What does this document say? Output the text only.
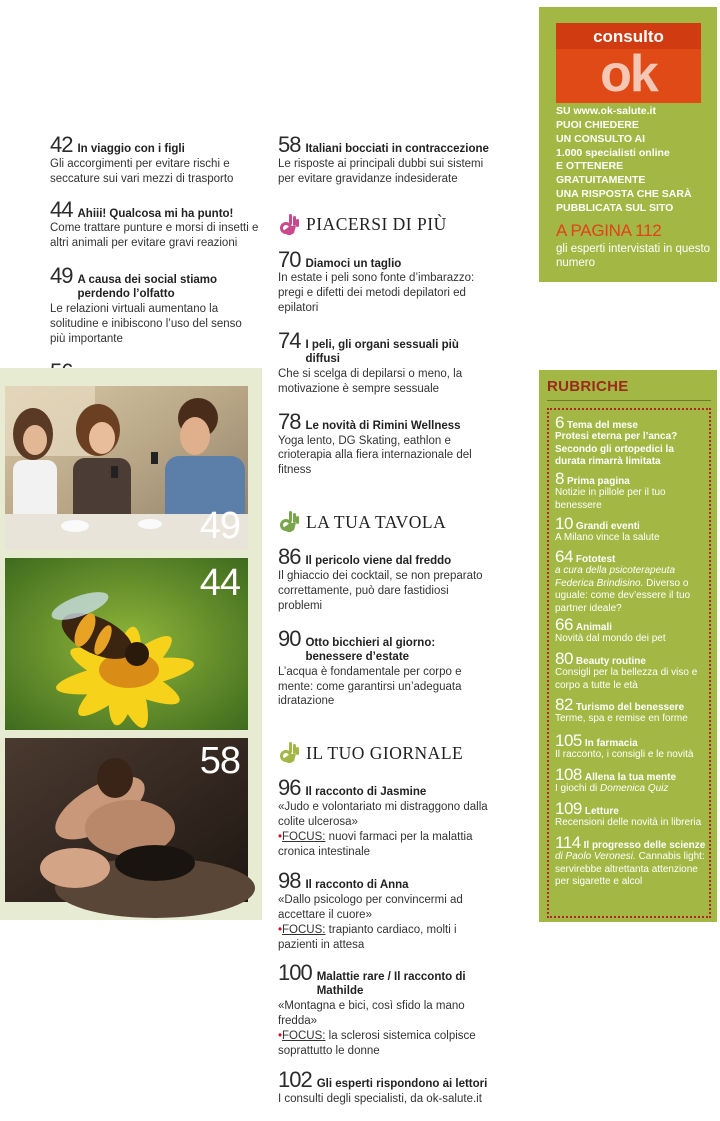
42 In viaggio con i figli
Gli accorgimenti per evitare rischi e seccature sui vari mezzi di trasporto
44 Ahiii! Qualcosa mi ha punto!
Come trattare punture e morsi di insetti e altri animali per evitare gravi reazioni
49 A causa dei social stiamo perdendo l’olfatto
Le relazioni virtuali aumentano la solitudine e inibiscono l’uso del senso più importante
58 Italiani bocciati in contraccezione
Le risposte ai principali dubbi sui sistemi per evitare gravidanze indesiderate
PIACERSI DI PIÙ
70 Diamoci un taglio
In estate i peli sono fonte d’imbarazzo: pregi e difetti dei metodi depilatori ed epilatori
74 I peli, gli organi sessuali più diffusi
Che si scelga di depilarsi o meno, la motivazione è sempre sessuale
78 Le novità di Rimini Wellness
Yoga lento, DG Skating, eathlon e crioterapia alla fiera internazionale del fitness
LA TUA TAVOLA
86 Il pericolo viene dal freddo
Il ghiaccio dei cocktail, se non preparato correttamente, può dare fastidiosi problemi
90 Otto bicchieri al giorno: benessere d’estate
L’acqua è fondamentale per corpo e mente: come garantirsi un’adeguata idratazione
IL TUO GIORNALE
96 Il racconto di Jasmine
«Judo e volontariato mi distraggono dalla colite ulcerosa»
•FOCUS: nuovi farmaci per la malattia cronica intestinale
98 Il racconto di Anna
«Dallo psicologo per convincermi ad accettare il cuore»
•FOCUS: trapianto cardiaco, molti i pazienti in attesa
100 Malattie rare / Il racconto di Mathilde
«Montagna e bici, così sfido la mano fredda»
•FOCUS: la sclerosi sistemica colpisce soprattutto le donne
102 Gli esperti rispondono ai lettori
I consulti degli specialisti, da ok-salute.it
49
44
58
consulto
ok
SU www.ok-salute.it
PUOI CHIEDERE
UN CONSULTO AI
1.000 specialisti online
E OTTENERE GRATUITAMENTE
UNA RISPOSTA CHE SARÀ
PUBBLICATA SUL SITO
A PAGINA 112
gli esperti intervistati in questo numero
RUBRICHE
6 Tema del mese
Protesi eterna per l’anca? Secondo gli ortopedici la durata rimarrà limitata
8 Prima pagina
Notizie in pillole per il tuo benessere
10 Grandi eventi
A Milano vince la salute
64 Fototest
a cura della psicoterapeuta Federica Brindisino. Diverso o uguale: come dev’essere il tuo partner ideale?
66 Animali
Novità dal mondo dei pet
80 Beauty routine
Consigli per la bellezza di viso e corpo a tutte le età
82 Turismo del benessere
Terme, spa e remise en forme
105 In farmacia
Il racconto, i consigli e le novità
108 Allena la tua mente
I giochi di Domenica Quiz
109 Letture
Recensioni delle novità in libreria
114 Il progresso delle scienze
di Paolo Veronesi. Cannabis light: servirebbe altrettanta attenzione per sigarette e alcol
